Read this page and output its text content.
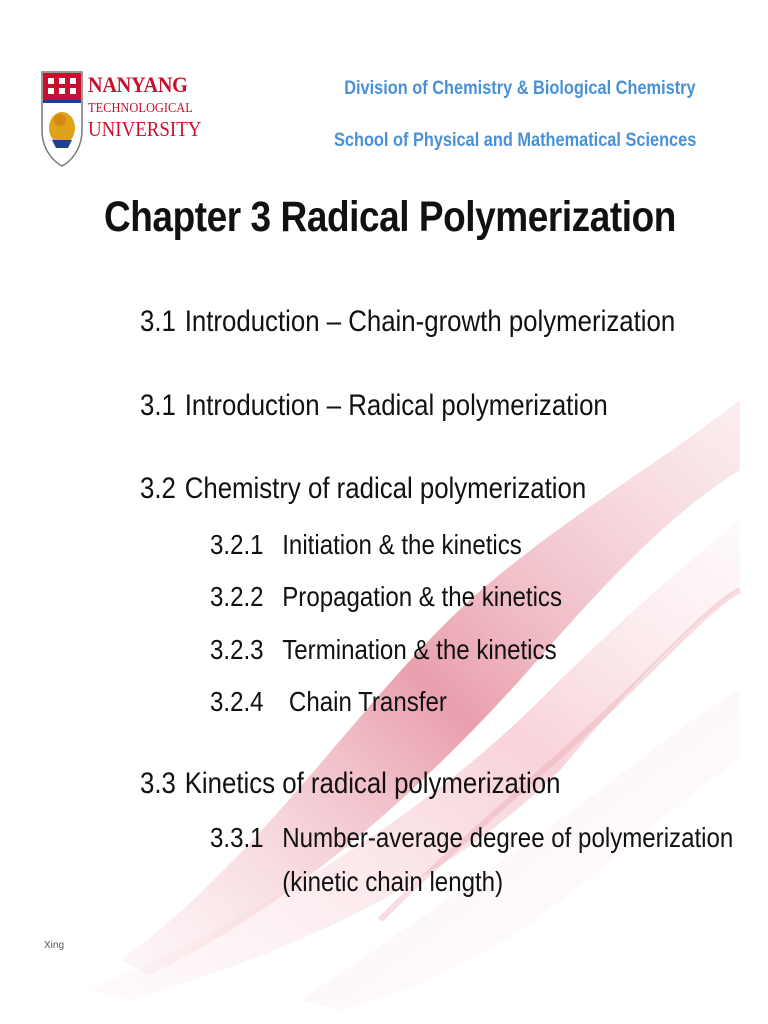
NANYANG
TECHNOLOGICAL
UNIVERSITY
Division of Chemistry & Biological Chemistry
School of Physical and Mathematical Sciences
Chapter 3 Radical Polymerization
3.1 Introduction – Chain-growth polymerization
3.1 Introduction – Radical polymerization
3.2 Chemistry of radical polymerization
3.2.1 Initiation & the kinetics
3.2.2 Propagation & the kinetics
3.2.3 Termination & the kinetics
3.2.4 Chain Transfer
3.3 Kinetics of radical polymerization
3.3.1 Number-average degree of polymerization
(kinetic chain length)
Xing
